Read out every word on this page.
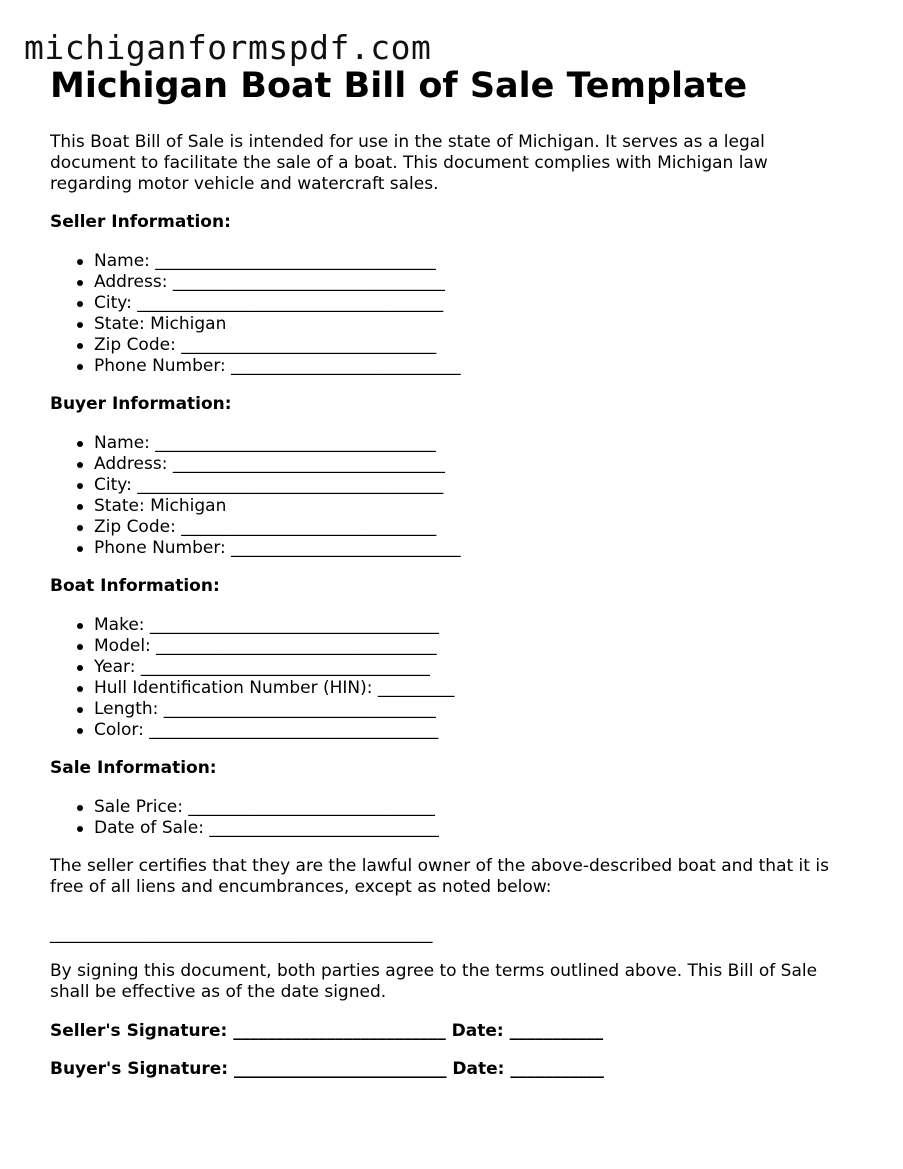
michiganformspdf.com
Michigan Boat Bill of Sale Template

This Boat Bill of Sale is intended for use in the state of Michigan. It serves as a legal document to facilitate the sale of a boat. This document complies with Michigan law regarding motor vehicle and watercraft sales.

Seller Information:

Name: _________________________________
Address: ________________________________
City: ____________________________________
State: Michigan
Zip Code: ______________________________
Phone Number: ___________________________

Buyer Information:

Name: _________________________________
Address: ________________________________
City: ____________________________________
State: Michigan
Zip Code: ______________________________
Phone Number: ___________________________

Boat Information:

Make: __________________________________
Model: _________________________________
Year: __________________________________
Hull Identification Number (HIN): _________
Length: ________________________________
Color: __________________________________

Sale Information:

Sale Price: _____________________________
Date of Sale: ___________________________

The seller certifies that they are the lawful owner of the above-described boat and that it is free of all liens and encumbrances, except as noted below:

_____________________________________________

By signing this document, both parties agree to the terms outlined above. This Bill of Sale shall be effective as of the date signed.

Seller's Signature: _________________________ Date: ___________

Buyer's Signature: _________________________ Date: ___________
